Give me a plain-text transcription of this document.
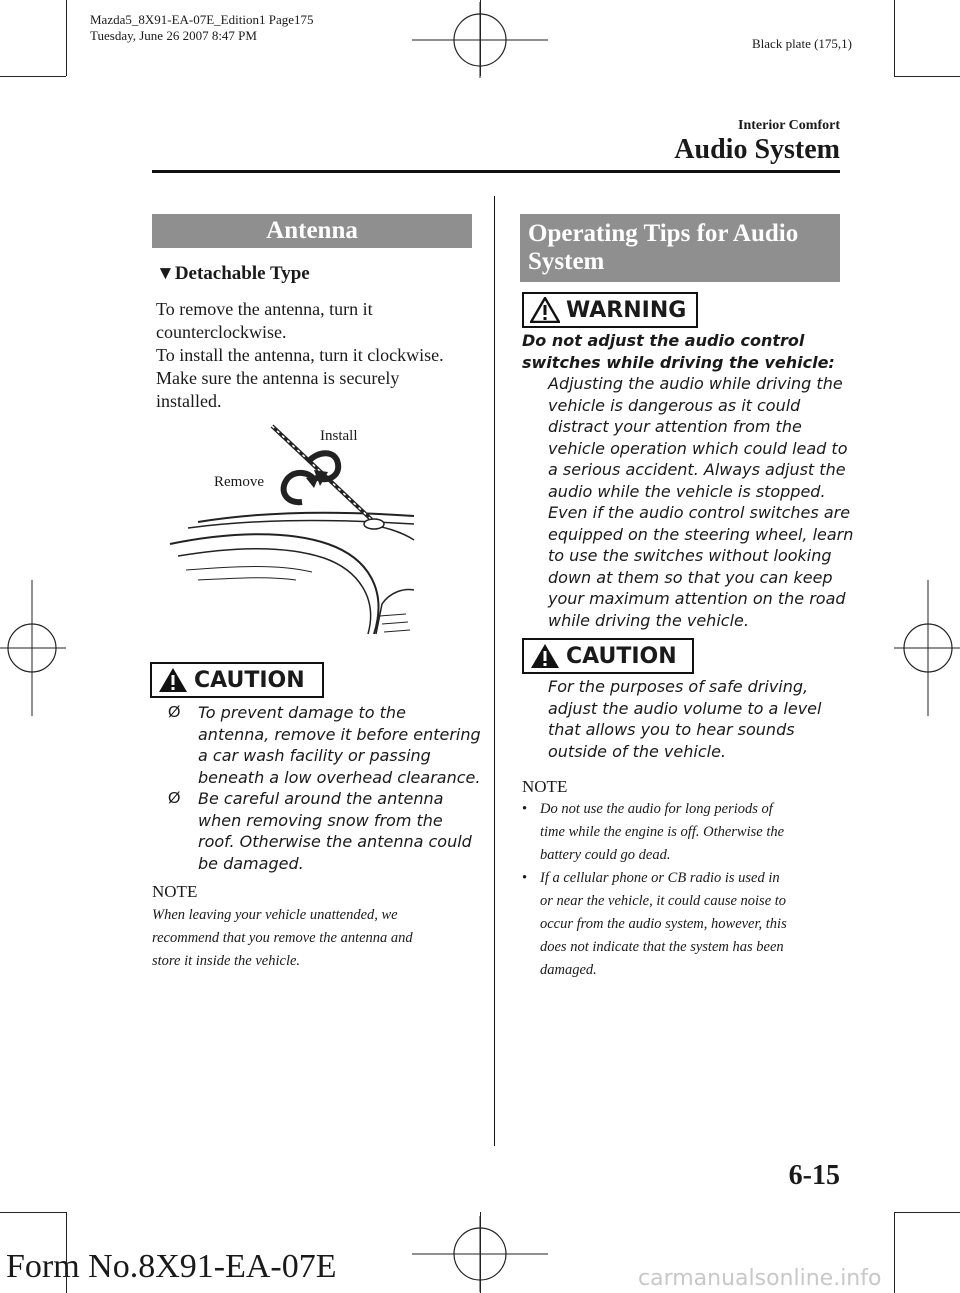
Mazda5_8X91-EA-07E_Edition1 Page175
Tuesday, June 26 2007 8:47 PM
Black plate (175,1)
Interior Comfort
Audio System
Antenna
▼Detachable Type
To remove the antenna, turn it
counterclockwise.
To install the antenna, turn it clockwise.
Make sure the antenna is securely
installed.
Install
Remove
CAUTION
Ø	To prevent damage to the
antenna, remove it before entering
a car wash facility or passing
beneath a low overhead clearance.
Ø	Be careful around the antenna
when removing snow from the
roof. Otherwise the antenna could
be damaged.
NOTE
When leaving your vehicle unattended, we
recommend that you remove the antenna and
store it inside the vehicle.
Operating Tips for Audio
System
WARNING
Do not adjust the audio control
switches while driving the vehicle:
Adjusting the audio while driving the
vehicle is dangerous as it could
distract your attention from the
vehicle operation which could lead to
a serious accident. Always adjust the
audio while the vehicle is stopped.
Even if the audio control switches are
equipped on the steering wheel, learn
to use the switches without looking
down at them so that you can keep
your maximum attention on the road
while driving the vehicle.
CAUTION
For the purposes of safe driving,
adjust the audio volume to a level
that allows you to hear sounds
outside of the vehicle.
NOTE
• Do not use the audio for long periods of
time while the engine is off. Otherwise the
battery could go dead.
• If a cellular phone or CB radio is used in
or near the vehicle, it could cause noise to
occur from the audio system, however, this
does not indicate that the system has been
damaged.
6-15
Form No.8X91-EA-07E	carmanualsonline.info
